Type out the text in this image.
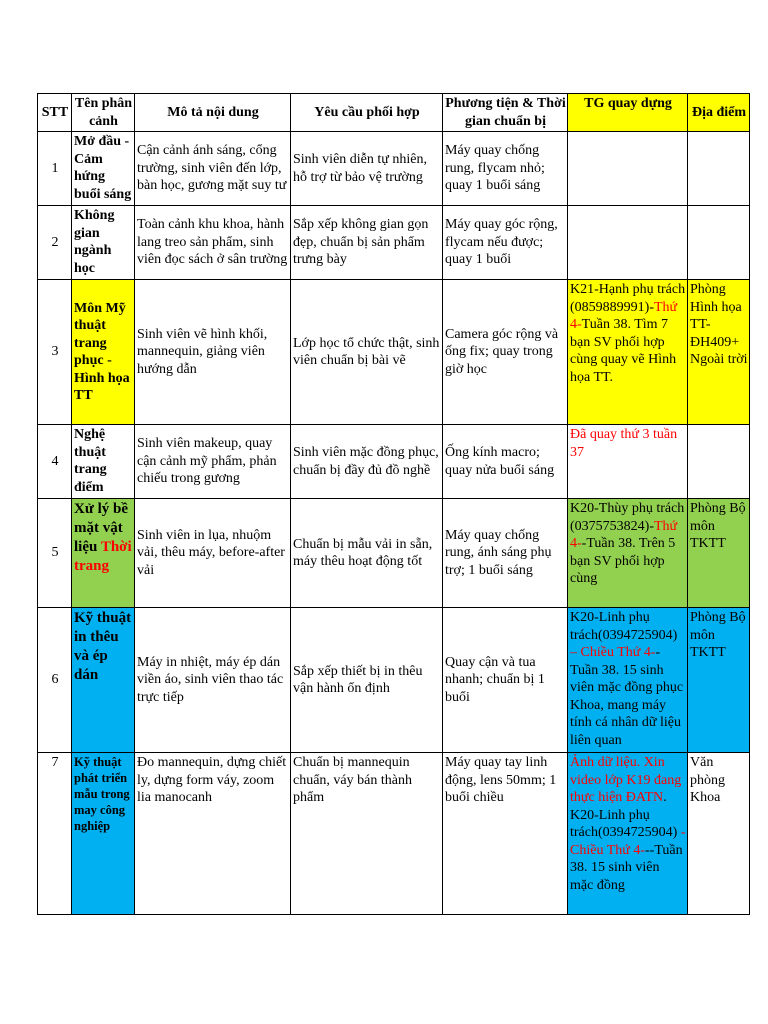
STT	Tên phân cảnh	Mô tả nội dung	Yêu cầu phối hợp	Phương tiện & Thời gian chuẩn bị	TG quay dựng	Địa điểm
1	Mở đầu - Cảm hứng buổi sáng	Cận cảnh ánh sáng, cổng trường, sinh viên đến lớp, bàn học, gương mặt suy tư	Sinh viên diễn tự nhiên, hỗ trợ từ bảo vệ trường	Máy quay chống rung, flycam nhỏ; quay 1 buổi sáng		
2	Không gian ngành học	Toàn cảnh khu khoa, hành lang treo sản phẩm, sinh viên đọc sách ở sân trường	Sắp xếp không gian gọn đẹp, chuẩn bị sản phẩm trưng bày	Máy quay góc rộng, flycam nếu được; quay 1 buổi		
3	Môn Mỹ thuật trang phục - Hình họa TT	Sinh viên vẽ hình khối, mannequin, giảng viên hướng dẫn	Lớp học tổ chức thật, sinh viên chuẩn bị bài vẽ	Camera góc rộng và ống fix; quay trong giờ học	K21-Hạnh phụ trách (0859889991)-Thứ 4-Tuần 38. Tìm 7 bạn SV phối hợp cùng quay vẽ Hình họa TT.	Phòng Hình họa TT-ĐH409+ Ngoài trời
4	Nghệ thuật trang điểm	Sinh viên makeup, quay cận cảnh mỹ phẩm, phản chiếu trong gương	Sinh viên mặc đồng phục, chuẩn bị đầy đủ đồ nghề	Ống kính macro; quay nửa buổi sáng	Đã quay thứ 3 tuần 37	
5	Xử lý bề mặt vật liệu Thời trang	Sinh viên in lụa, nhuộm vải, thêu máy, before-after vải	Chuẩn bị mẫu vải in sẵn, máy thêu hoạt động tốt	Máy quay chống rung, ánh sáng phụ trợ; 1 buổi sáng	K20-Thùy phụ trách (0375753824)-Thứ 4--Tuần 38. Trên 5 bạn SV phối hợp cùng	Phòng Bộ môn TKTT
6	Kỹ thuật in thêu và ép dán	Máy in nhiệt, máy ép dán viền áo, sinh viên thao tác trực tiếp	Sắp xếp thiết bị in thêu vận hành ổn định	Quay cận và tua nhanh; chuẩn bị 1 buổi	K20-Linh phụ trách(0394725904) – Chiều Thứ 4--Tuần 38. 15 sinh viên mặc đồng phục Khoa, mang máy tính cá nhân dữ liệu liên quan	Phòng Bộ môn TKTT
7	Kỹ thuật phát triển mẫu trong may công nghiệp	Đo mannequin, dựng chiết ly, dựng form váy, zoom lia manocanh	Chuẩn bị mannequin chuẩn, váy bán thành phẩm	Máy quay tay linh động, lens 50mm; 1 buổi chiều	Ảnh dữ liệu. Xin video lớp K19 đang thực hiện ĐATN. K20-Linh phụ trách(0394725904) - Chiều Thứ 4---Tuần 38. 15 sinh viên mặc đồng	Văn phòng Khoa
